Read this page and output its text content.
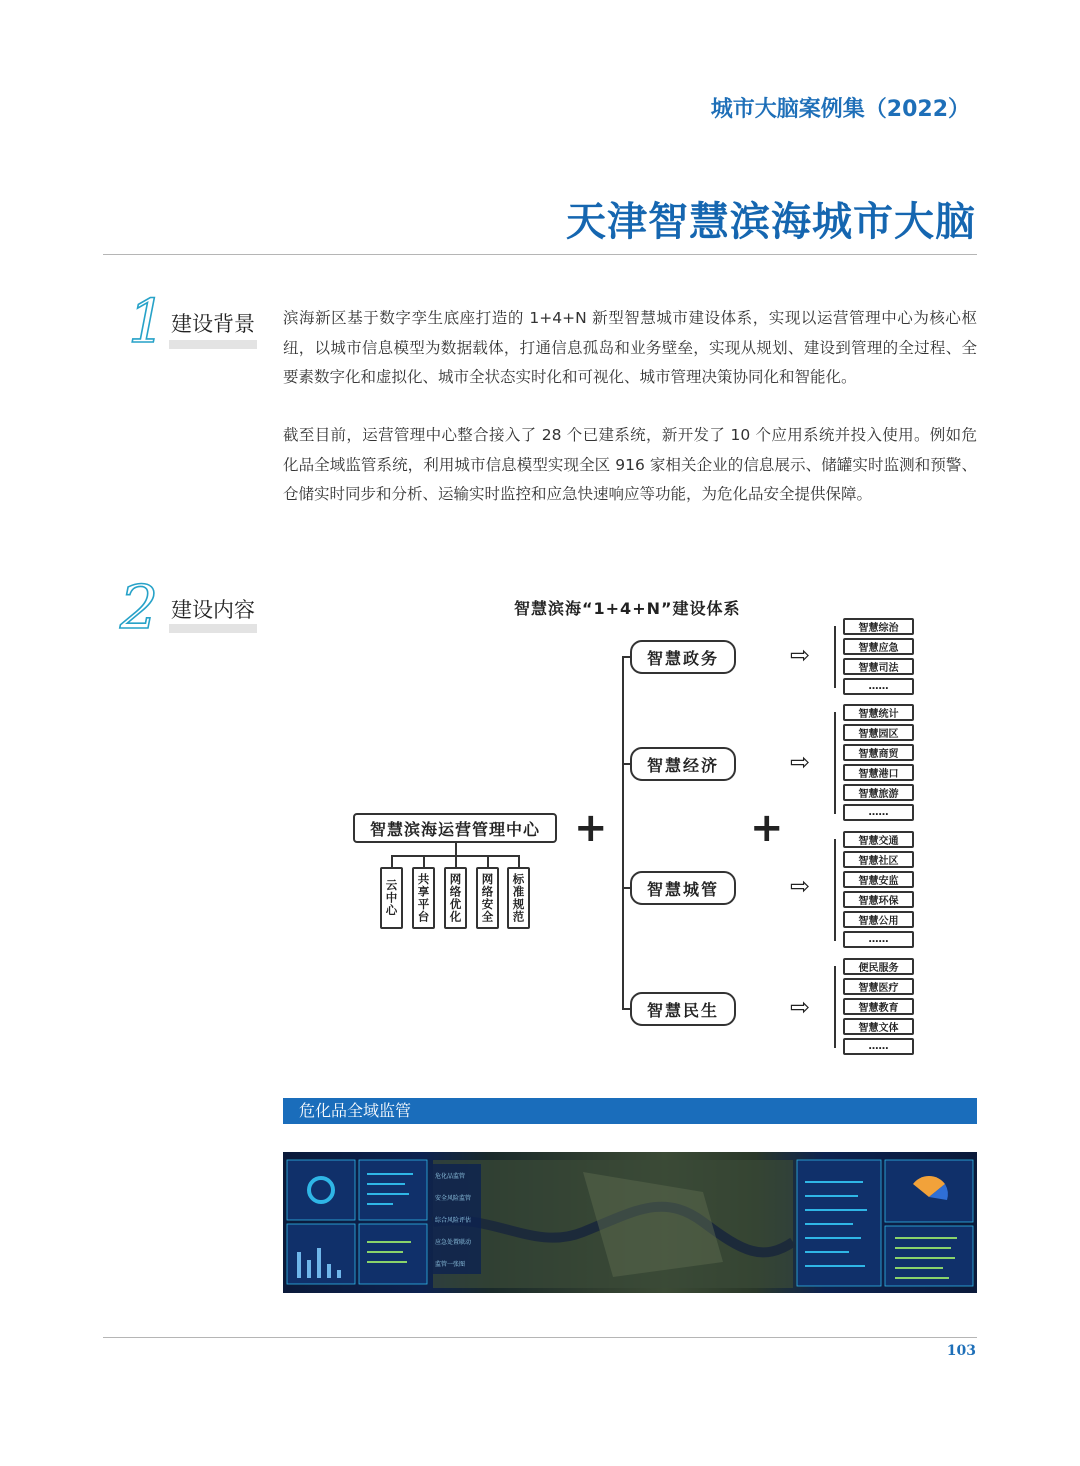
城市大脑案例集（2022）
天津智慧滨海城市大脑
1 建设背景 滨海新区基于数字孪生底座打造的 1+4+N 新型智慧城市建设体系，实现以运营管理中心为核心枢纽，以城市信息模型为数据载体，打通信息孤岛和业务壁垒，实现从规划、建设到管理的全过程、全要素数字化和虚拟化、城市全状态实时化和可视化、城市管理决策协同化和智能化。

截至目前，运营管理中心整合接入了 28 个已建系统，新开发了 10 个应用系统并投入使用。例如危化品全域监管系统，利用城市信息模型实现全区 916 家相关企业的信息展示、储罐实时监测和预警、仓储实时同步和分析、运输实时监控和应急快速响应等功能，为危化品安全提供保障。

2 建设内容	智慧滨海“1+4+N”建设体系
智慧滨海运营管理中心
云中心	共享平台	网络优化	网络安全	标准规范
+	+
智慧政务
智慧经济
智慧城管
智慧民生
⇨
⇨
⇨
⇨
智慧综治
智慧应急
智慧司法
……
智慧统计
智慧园区
智慧商贸
智慧港口
智慧旅游
……
智慧交通
智慧社区
智慧安监
智慧环保
智慧公用
……
便民服务
智慧医疗
智慧教育
智慧文体
……
危化品全域监管
危化品监管
安全风险监管
综合风险评估
应急处置联动
监管一张图
103
